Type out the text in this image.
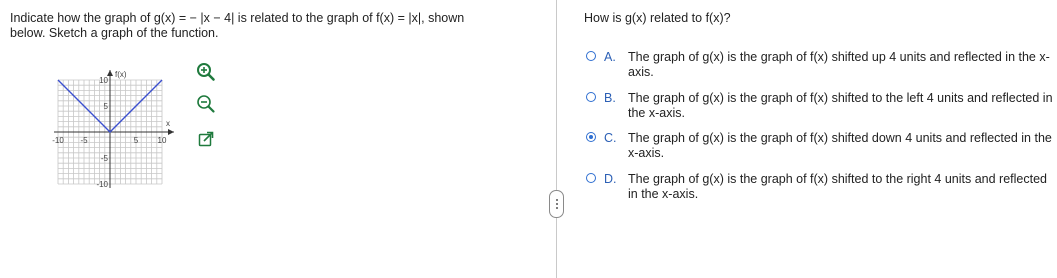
Indicate how the graph of g(x) = − |x − 4| is related to the graph of f(x) = |x|, shown
below. Sketch a graph of the function.
-10 -5	5 10
10
5
-5
-10
f(x)
x
How is g(x) related to f(x)?
A. The graph of g(x) is the graph of f(x) shifted up 4 units and reflected in the x-axis.
B. The graph of g(x) is the graph of f(x) shifted to the left 4 units and reflected in the x-axis.
C. The graph of g(x) is the graph of f(x) shifted down 4 units and reflected in the x-axis.
D. The graph of g(x) is the graph of f(x) shifted to the right 4 units and reflected in the x-axis.
